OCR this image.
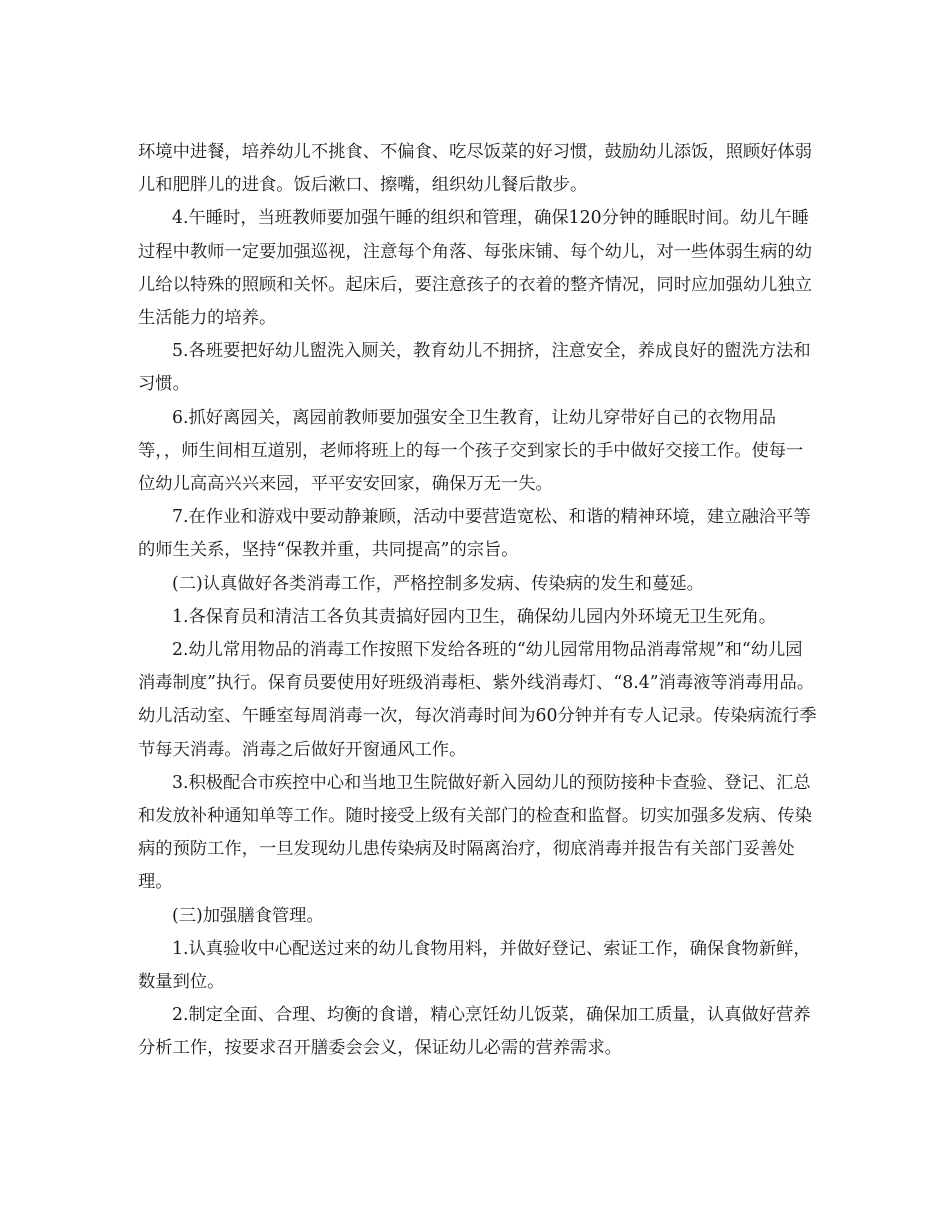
环境中进餐，培养幼儿不挑食、不偏食、吃尽饭菜的好习惯，鼓励幼儿添饭，照顾好体弱儿和肥胖儿的进食。饭后漱口、擦嘴，组织幼儿餐后散步。

4.午睡时，当班教师要加强午睡的组织和管理，确保120分钟的睡眠时间。幼儿午睡过程中教师一定要加强巡视，注意每个角落、每张床铺、每个幼儿，对一些体弱生病的幼儿给以特殊的照顾和关怀。起床后，要注意孩子的衣着的整齐情况，同时应加强幼儿独立生活能力的培养。

5.各班要把好幼儿盥洗入厕关，教育幼儿不拥挤，注意安全，养成良好的盥洗方法和习惯。

6.抓好离园关，离园前教师要加强安全卫生教育，让幼儿穿带好自己的衣物用品等，，师生间相互道别，老师将班上的每一个孩子交到家长的手中做好交接工作。使每一位幼儿高高兴兴来园，平平安安回家，确保万无一失。

7.在作业和游戏中要动静兼顾，活动中要营造宽松、和谐的精神环境，建立融洽平等的师生关系，坚持“保教并重，共同提高”的宗旨。

(二)认真做好各类消毒工作，严格控制多发病、传染病的发生和蔓延。

1.各保育员和清洁工各负其责搞好园内卫生，确保幼儿园内外环境无卫生死角。

2.幼儿常用物品的消毒工作按照下发给各班的“幼儿园常用物品消毒常规”和“幼儿园消毒制度”执行。保育员要使用好班级消毒柜、紫外线消毒灯、“8.4”消毒液等消毒用品。幼儿活动室、午睡室每周消毒一次，每次消毒时间为60分钟并有专人记录。传染病流行季节每天消毒。消毒之后做好开窗通风工作。

3.积极配合市疾控中心和当地卫生院做好新入园幼儿的预防接种卡查验、登记、汇总和发放补种通知单等工作。随时接受上级有关部门的检查和监督。切实加强多发病、传染病的预防工作，一旦发现幼儿患传染病及时隔离治疗，彻底消毒并报告有关部门妥善处理。

(三)加强膳食管理。

1.认真验收中心配送过来的幼儿食物用料，并做好登记、索证工作，确保食物新鲜，数量到位。

2.制定全面、合理、均衡的食谱，精心烹饪幼儿饭菜，确保加工质量，认真做好营养分析工作，按要求召开膳委会会义，保证幼儿必需的营养需求。
